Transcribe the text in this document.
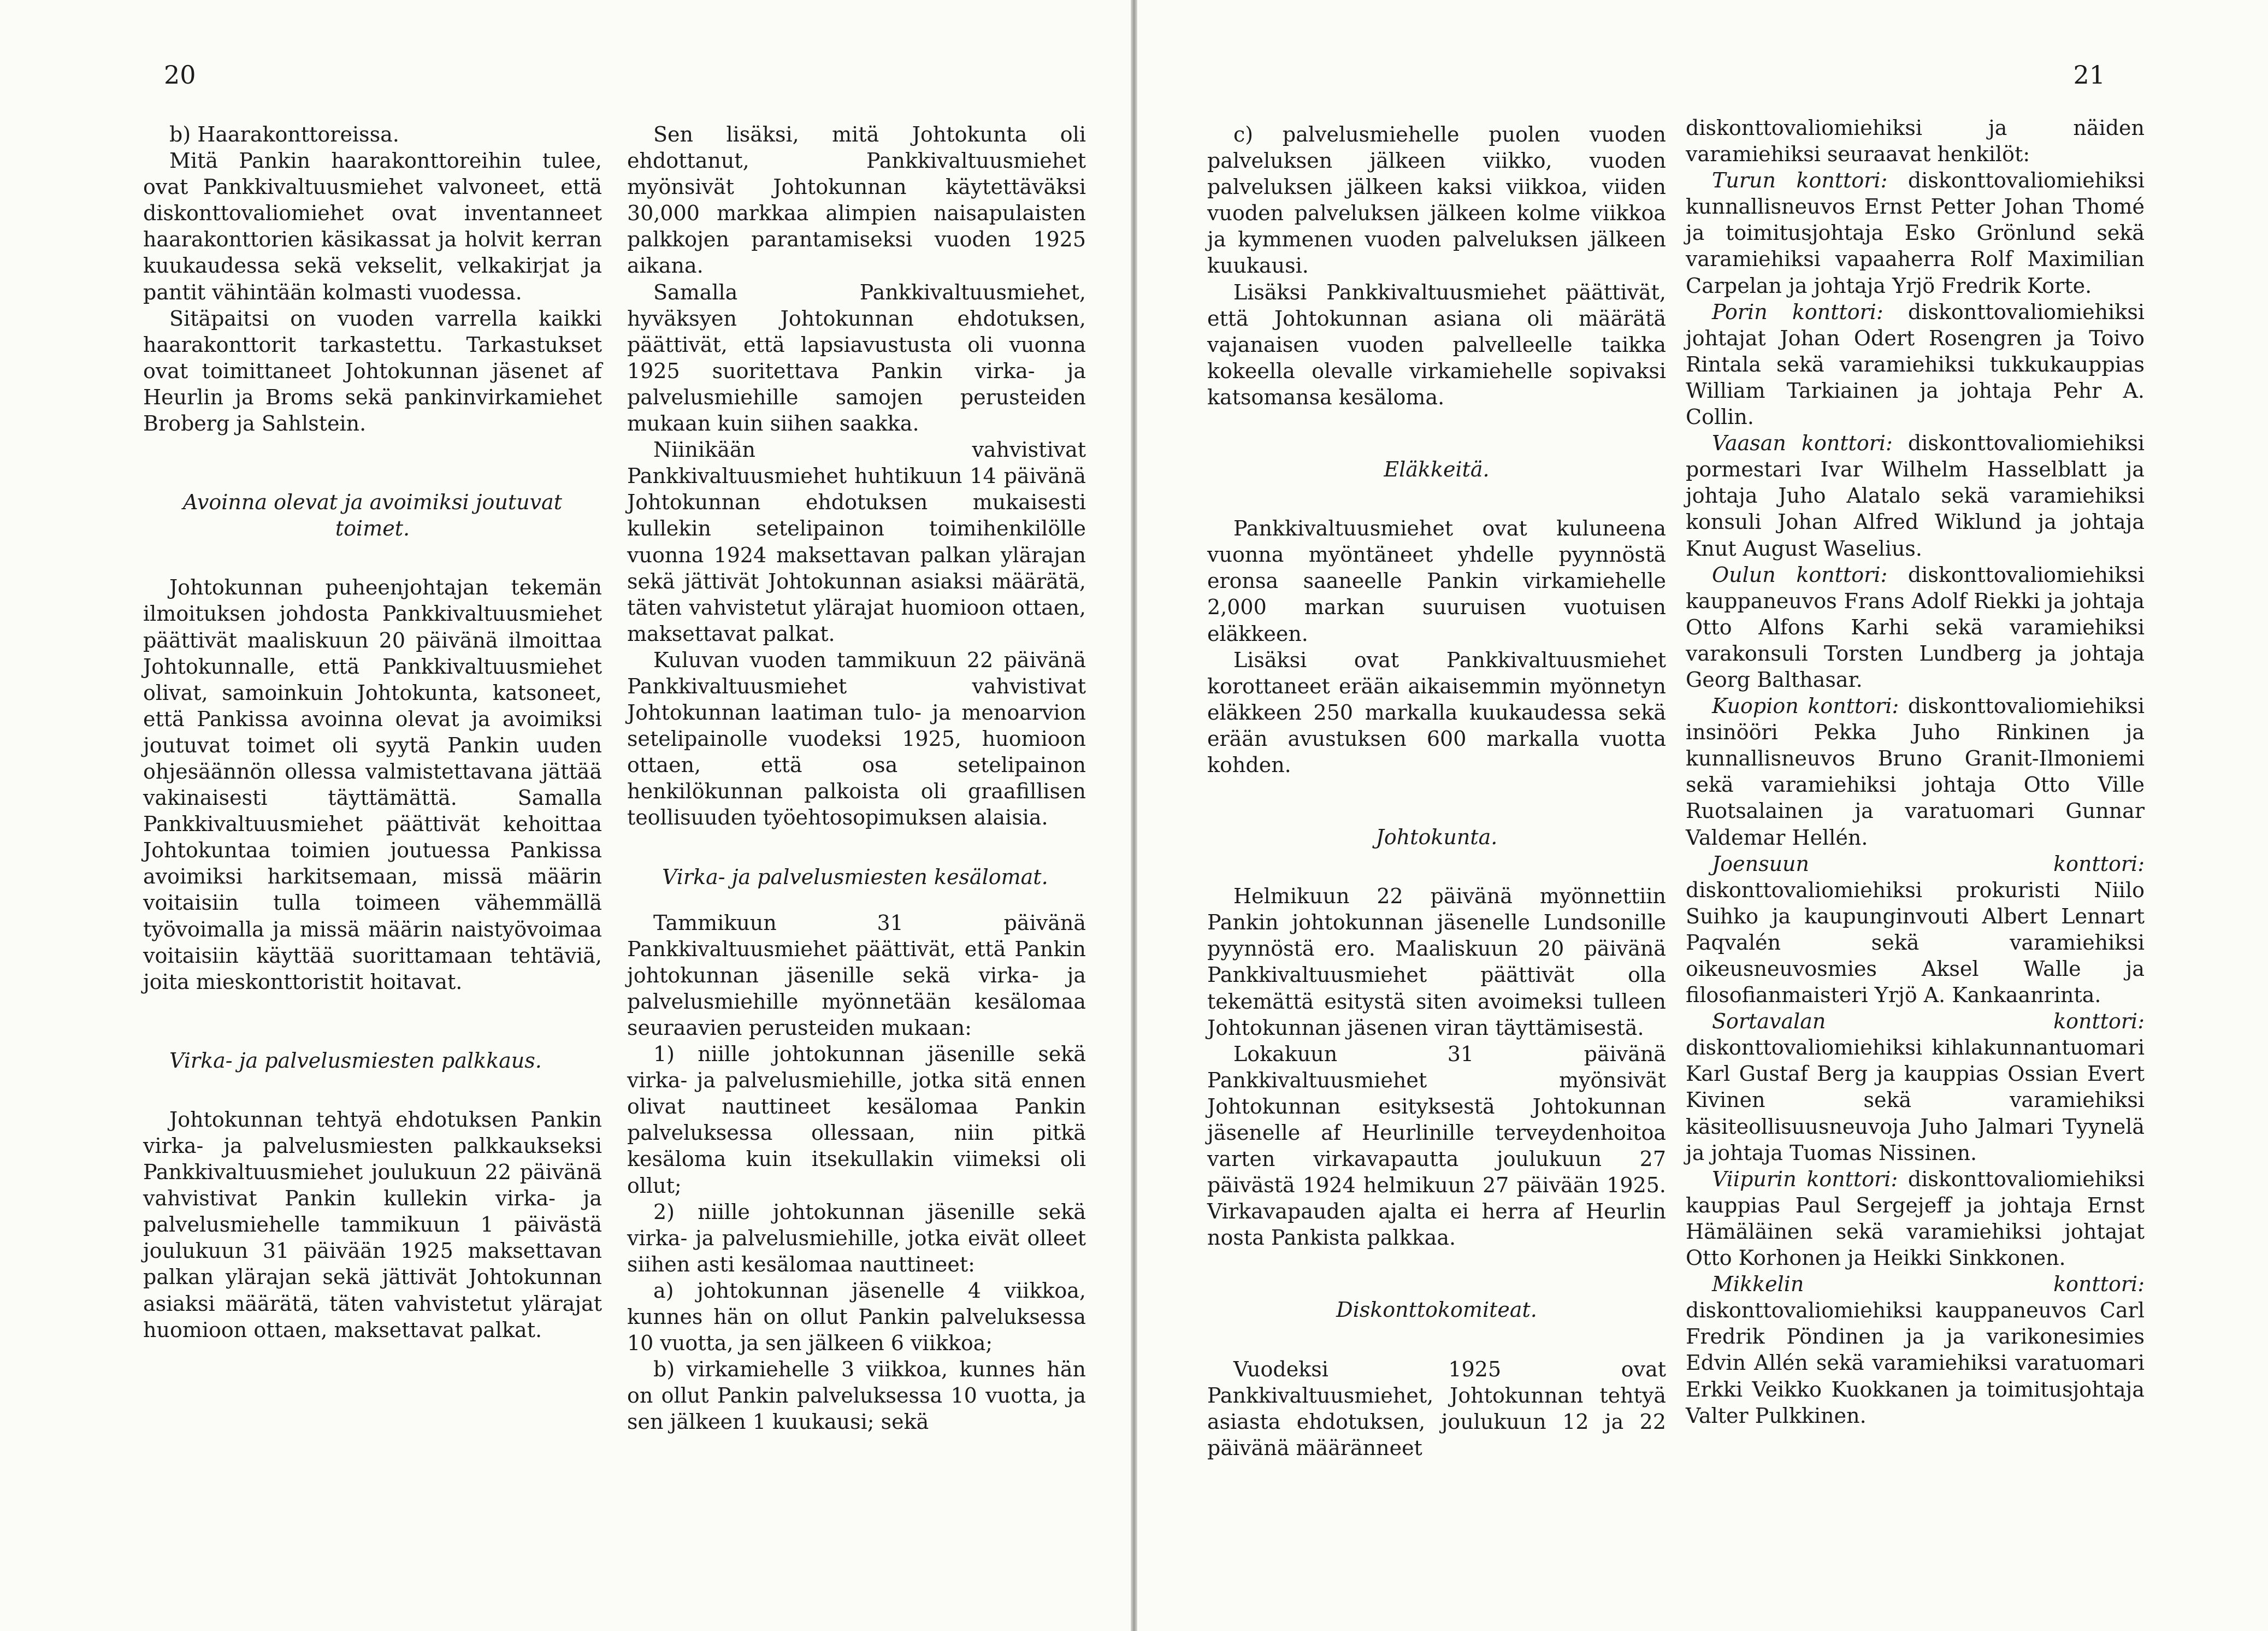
20

b) Haarakonttoreissa.

Mitä Pankin haarakonttoreihin tulee, ovat Pankkivaltuusmiehet valvoneet, että diskonttovaliomiehet ovat inventanneet haarakonttorien käsikassat ja holvit kerran kuukaudessa sekä vekselit, velkakirjat ja pantit vähintään kolmasti vuodessa.

Sitäpaitsi on vuoden varrella kaikki haarakonttorit tarkastettu. Tarkastukset ovat toimittaneet Johtokunnan jäsenet af Heurlin ja Broms sekä pankinvirkamiehet Broberg ja Sahlstein.

Avoinna olevat ja avoimiksi joutuvat toimet.

Johtokunnan puheenjohtajan tekemän ilmoituksen johdosta Pankkivaltuusmiehet päättivät maaliskuun 20 päivänä ilmoittaa Johtokunnalle, että Pankkivaltuusmiehet olivat, samoinkuin Johtokunta, katsoneet, että Pankissa avoinna olevat ja avoimiksi joutuvat toimet oli syytä Pankin uuden ohjesäännön ollessa valmistettavana jättää vakinaisesti täyttämättä. Samalla Pankkivaltuusmiehet päättivät kehoittaa Johtokuntaa toimien joutuessa Pankissa avoimiksi harkitsemaan, missä määrin voitaisiin tulla toimeen vähemmällä työvoimalla ja missä määrin naistyövoimaa voitaisiin käyttää suorittamaan tehtäviä, joita mieskonttoristit hoitavat.

Virka- ja palvelusmiesten palkkaus.

Johtokunnan tehtyä ehdotuksen Pankin virka- ja palvelusmiesten palkkaukseksi Pankkivaltuusmiehet joulukuun 22 päivänä vahvistivat Pankin kullekin virka- ja palvelusmiehelle tammikuun 1 päivästä joulukuun 31 päivään 1925 maksettavan palkan ylärajan sekä jättivät Johtokunnan asiaksi määrätä, täten vahvistetut ylärajat huomioon ottaen, maksettavat palkat.

Sen lisäksi, mitä Johtokunta oli ehdottanut, Pankkivaltuusmiehet myönsivät Johtokunnan käytettäväksi 30,000 markkaa alimpien naisapulaisten palkkojen parantamiseksi vuoden 1925 aikana.

Samalla Pankkivaltuusmiehet, hyväksyen Johtokunnan ehdotuksen, päättivät, että lapsiavustusta oli vuonna 1925 suoritettava Pankin virka- ja palvelusmiehille samojen perusteiden mukaan kuin siihen saakka.

Niinikään vahvistivat Pankkivaltuusmiehet huhtikuun 14 päivänä Johtokunnan ehdotuksen mukaisesti kullekin setelipainon toimihenkilölle vuonna 1924 maksettavan palkan ylärajan sekä jättivät Johtokunnan asiaksi määrätä, täten vahvistetut ylärajat huomioon ottaen, maksettavat palkat.

Kuluvan vuoden tammikuun 22 päivänä Pankkivaltuusmiehet vahvistivat Johtokunnan laatiman tulo- ja menoarvion setelipainolle vuodeksi 1925, huomioon ottaen, että osa setelipainon henkilökunnan palkoista oli graafillisen teollisuuden työehtosopimuksen alaisia.

Virka- ja palvelusmiesten kesälomat.

Tammikuun 31 päivänä Pankkivaltuusmiehet päättivät, että Pankin johtokunnan jäsenille sekä virka- ja palvelusmiehille myönnetään kesälomaa seuraavien perusteiden mukaan:

1) niille johtokunnan jäsenille sekä virka- ja palvelusmiehille, jotka sitä ennen olivat nauttineet kesälomaa Pankin palveluksessa ollessaan, niin pitkä kesäloma kuin itsekullakin viimeksi oli ollut;

2) niille johtokunnan jäsenille sekä virka- ja palvelusmiehille, jotka eivät olleet siihen asti kesälomaa nauttineet:

a) johtokunnan jäsenelle 4 viikkoa, kunnes hän on ollut Pankin palveluksessa 10 vuotta, ja sen jälkeen 6 viikkoa;

b) virkamiehelle 3 viikkoa, kunnes hän on ollut Pankin palveluksessa 10 vuotta, ja sen jälkeen 1 kuukausi; sekä

21

c) palvelusmiehelle puolen vuoden palveluksen jälkeen viikko, vuoden palveluksen jälkeen kaksi viikkoa, viiden vuoden palveluksen jälkeen kolme viikkoa ja kymmenen vuoden palveluksen jälkeen kuukausi.

Lisäksi Pankkivaltuusmiehet päättivät, että Johtokunnan asiana oli määrätä vajanaisen vuoden palvelleelle taikka kokeella olevalle virkamiehelle sopivaksi katsomansa kesäloma.

Eläkkeitä.

Pankkivaltuusmiehet ovat kuluneena vuonna myöntäneet yhdelle pyynnöstä eronsa saaneelle Pankin virkamiehelle 2,000 markan suuruisen vuotuisen eläkkeen.

Lisäksi ovat Pankkivaltuusmiehet korottaneet erään aikaisemmin myönnetyn eläkkeen 250 markalla kuukaudessa sekä erään avustuksen 600 markalla vuotta kohden.

Johtokunta.

Helmikuun 22 päivänä myönnettiin Pankin johtokunnan jäsenelle Lundsonille pyynnöstä ero. Maaliskuun 20 päivänä Pankkivaltuusmiehet päättivät olla tekemättä esitystä siten avoimeksi tulleen Johtokunnan jäsenen viran täyttämisestä.

Lokakuun 31 päivänä Pankkivaltuusmiehet myönsivät Johtokunnan esityksestä Johtokunnan jäsenelle af Heurlinille terveydenhoitoa varten virkavapautta joulukuun 27 päivästä 1924 helmikuun 27 päivään 1925. Virkavapauden ajalta ei herra af Heurlin nosta Pankista palkkaa.

Diskonttokomiteat.

Vuodeksi 1925 ovat Pankkivaltuusmiehet, Johtokunnan tehtyä asiasta ehdotuksen, joulukuun 12 ja 22 päivänä määränneet

diskonttovaliomiehiksi ja näiden varamiehiksi seuraavat henkilöt:

Turun konttori: diskonttovaliomiehiksi kunnallisneuvos Ernst Petter Johan Thomé ja toimitusjohtaja Esko Grönlund sekä varamiehiksi vapaaherra Rolf Maximilian Carpelan ja johtaja Yrjö Fredrik Korte.

Porin konttori: diskonttovaliomiehiksi johtajat Johan Odert Rosengren ja Toivo Rintala sekä varamiehiksi tukkukauppias William Tarkiainen ja johtaja Pehr A. Collin.

Vaasan konttori: diskonttovaliomiehiksi pormestari Ivar Wilhelm Hasselblatt ja johtaja Juho Alatalo sekä varamiehiksi konsuli Johan Alfred Wiklund ja johtaja Knut August Waselius.

Oulun konttori: diskonttovaliomiehiksi kauppaneuvos Frans Adolf Riekki ja johtaja Otto Alfons Karhi sekä varamiehiksi varakonsuli Torsten Lundberg ja johtaja Georg Balthasar.

Kuopion konttori: diskonttovaliomiehiksi insinööri Pekka Juho Rinkinen ja kunnallisneuvos Bruno Granit-Ilmoniemi sekä varamiehiksi johtaja Otto Ville Ruotsalainen ja varatuomari Gunnar Valdemar Hellén.

Joensuun konttori: diskonttovaliomiehiksi prokuristi Niilo Suihko ja kaupunginvouti Albert Lennart Paqvalén sekä varamiehiksi oikeusneuvosmies Aksel Walle ja filosofianmaisteri Yrjö A. Kankaanrinta.

Sortavalan konttori: diskonttovaliomiehiksi kihlakunnantuomari Karl Gustaf Berg ja kauppias Ossian Evert Kivinen sekä varamiehiksi käsiteollisuusneuvoja Juho Jalmari Tyynelä ja johtaja Tuomas Nissinen.

Viipurin konttori: diskonttovaliomiehiksi kauppias Paul Sergejeff ja johtaja Ernst Hämäläinen sekä varamiehiksi johtajat Otto Korhonen ja Heikki Sinkkonen.

Mikkelin konttori: diskonttovaliomiehiksi kauppaneuvos Carl Fredrik Pöndinen ja ja varikonesimies Edvin Allén sekä varamiehiksi varatuomari Erkki Veikko Kuokkanen ja toimitusjohtaja Valter Pulkkinen.
